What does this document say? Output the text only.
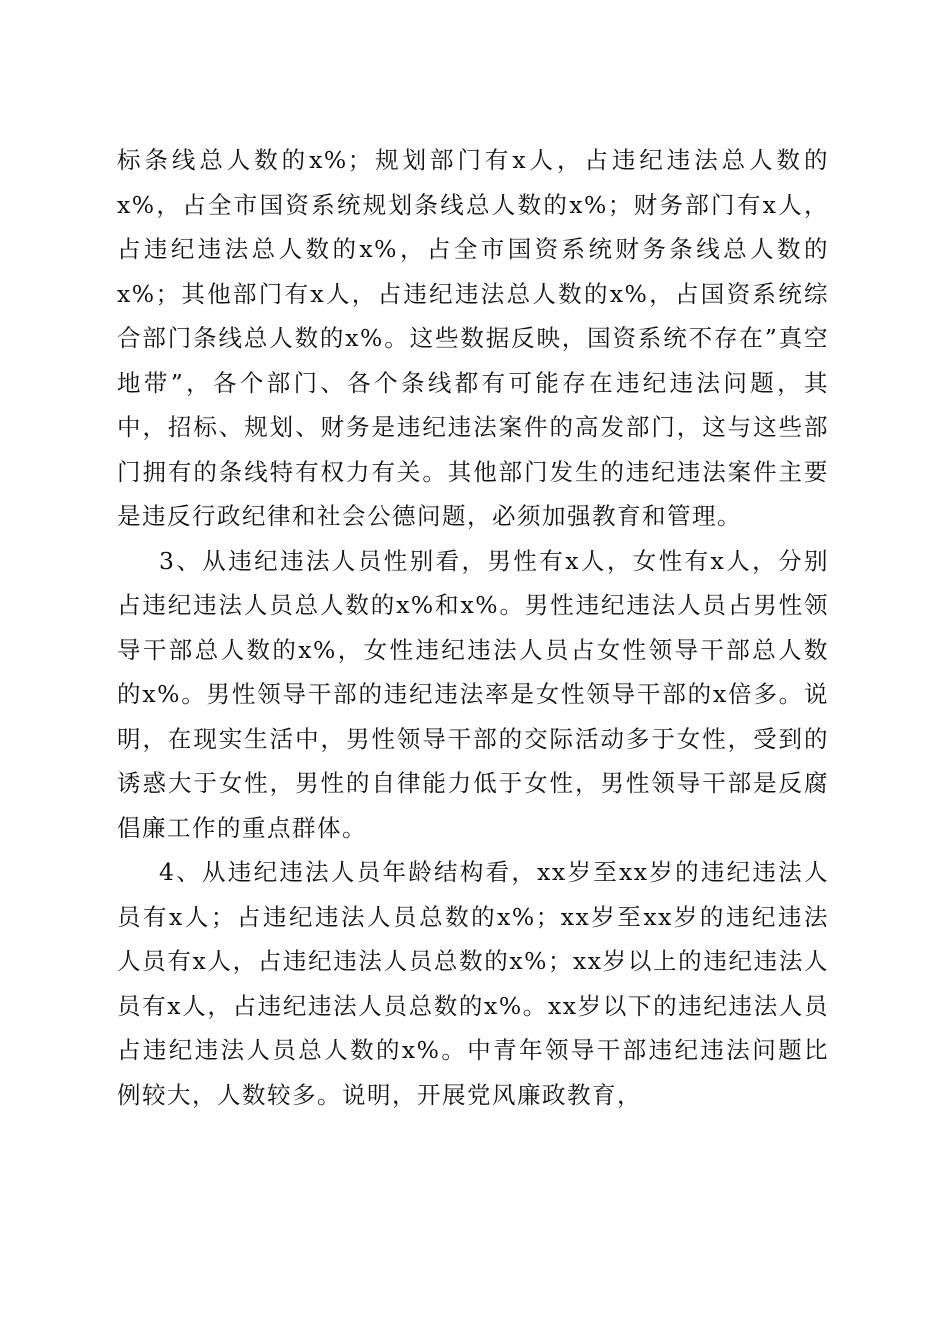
标条线总人数的x%；规划部门有x人，占违纪违法总人数的x%，占全市国资系统规划条线总人数的x%；财务部门有x人，占违纪违法总人数的x%，占全市国资系统财务条线总人数的x%；其他部门有x人，占违纪违法总人数的x%，占国资系统综合部门条线总人数的x%。这些数据反映，国资系统不存在”真空地带”，各个部门、各个条线都有可能存在违纪违法问题，其中，招标、规划、财务是违纪违法案件的高发部门，这与这些部门拥有的条线特有权力有关。其他部门发生的违纪违法案件主要是违反行政纪律和社会公德问题，必须加强教育和管理。

3、从违纪违法人员性别看，男性有x人，女性有x人，分别占违纪违法人员总人数的x%和x%。男性违纪违法人员占男性领导干部总人数的x%，女性违纪违法人员占女性领导干部总人数的x%。男性领导干部的违纪违法率是女性领导干部的x倍多。说明，在现实生活中，男性领导干部的交际活动多于女性，受到的诱惑大于女性，男性的自律能力低于女性，男性领导干部是反腐倡廉工作的重点群体。

4、从违纪违法人员年龄结构看，xx岁至xx岁的违纪违法人员有x人；占违纪违法人员总数的x%；xx岁至xx岁的违纪违法人员有x人，占违纪违法人员总数的x%；xx岁以上的违纪违法人员有x人，占违纪违法人员总数的x%。xx岁以下的违纪违法人员占违纪违法人员总人数的x%。中青年领导干部违纪违法问题比例较大，人数较多。说明，开展党风廉政教育，
